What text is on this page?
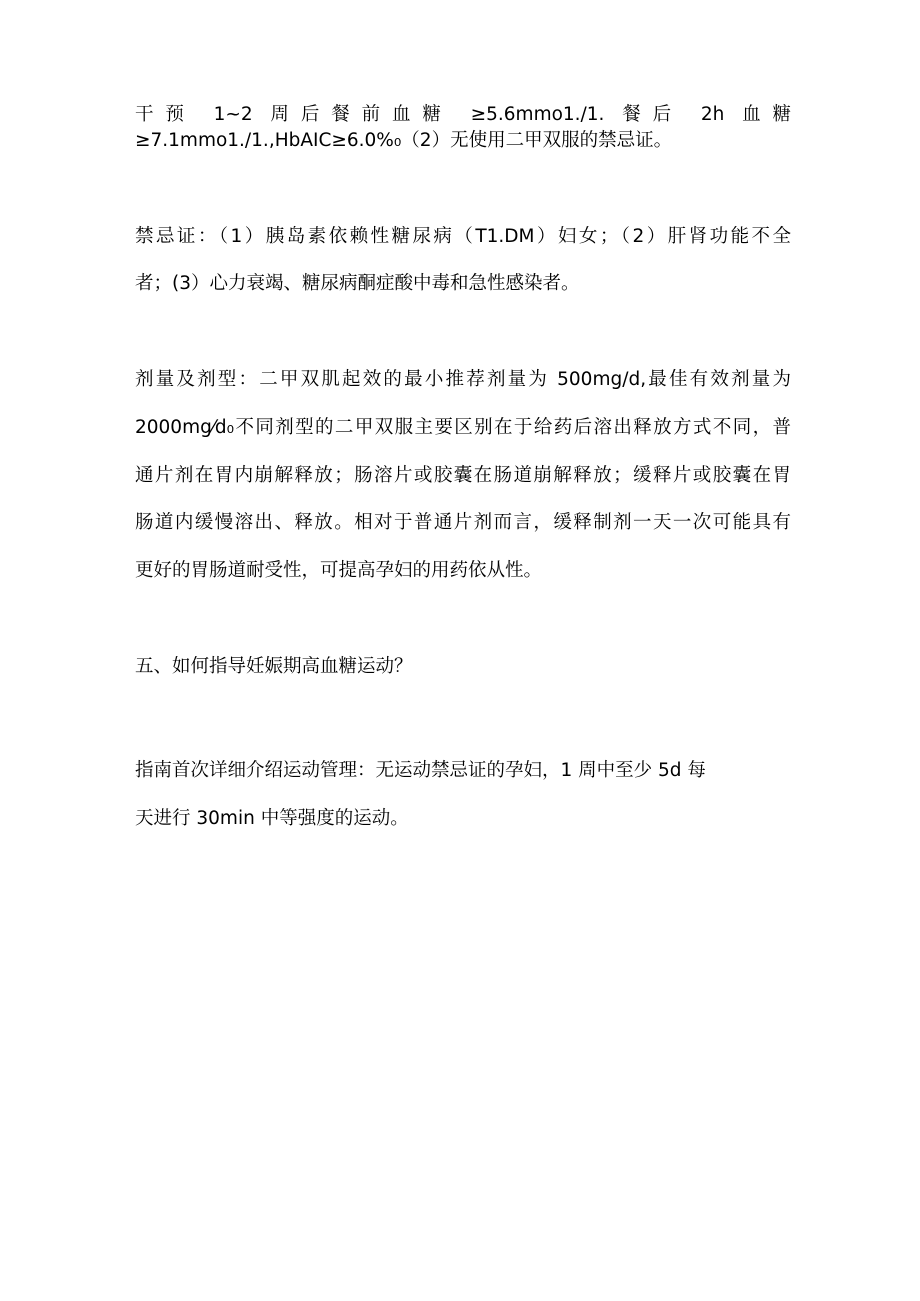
干预 1~2 周后餐前血糖 ≥5.6mmo1./1. 餐后 2h 血糖
≥7.1mmo1./1.,HbAIC≥6.0%₀（2）无使用二甲双服的禁忌证。
禁忌证：（1）胰岛素依赖性糖尿病（T1.DM）妇女；（2）肝肾功能不全
者；(3）心力衰竭、糖尿病酮症酸中毒和急性感染者。
剂量及剂型：二甲双肌起效的最小推荐剂量为 500mg/d,最佳有效剂量为
2000mg⁄d₀不同剂型的二甲双服主要区别在于给药后溶出释放方式不同，普
通片剂在胃内崩解释放；肠溶片或胶囊在肠道崩解释放；缓释片或胶囊在胃
肠道内缓慢溶出、释放。相对于普通片剂而言，缓释制剂一天一次可能具有
更好的胃肠道耐受性，可提高孕妇的用药依从性。
五、如何指导妊娠期高血糖运动？
指南首次详细介绍运动管理：无运动禁忌证的孕妇，1 周中至少 5d 每
天进行 30min 中等强度的运动。
